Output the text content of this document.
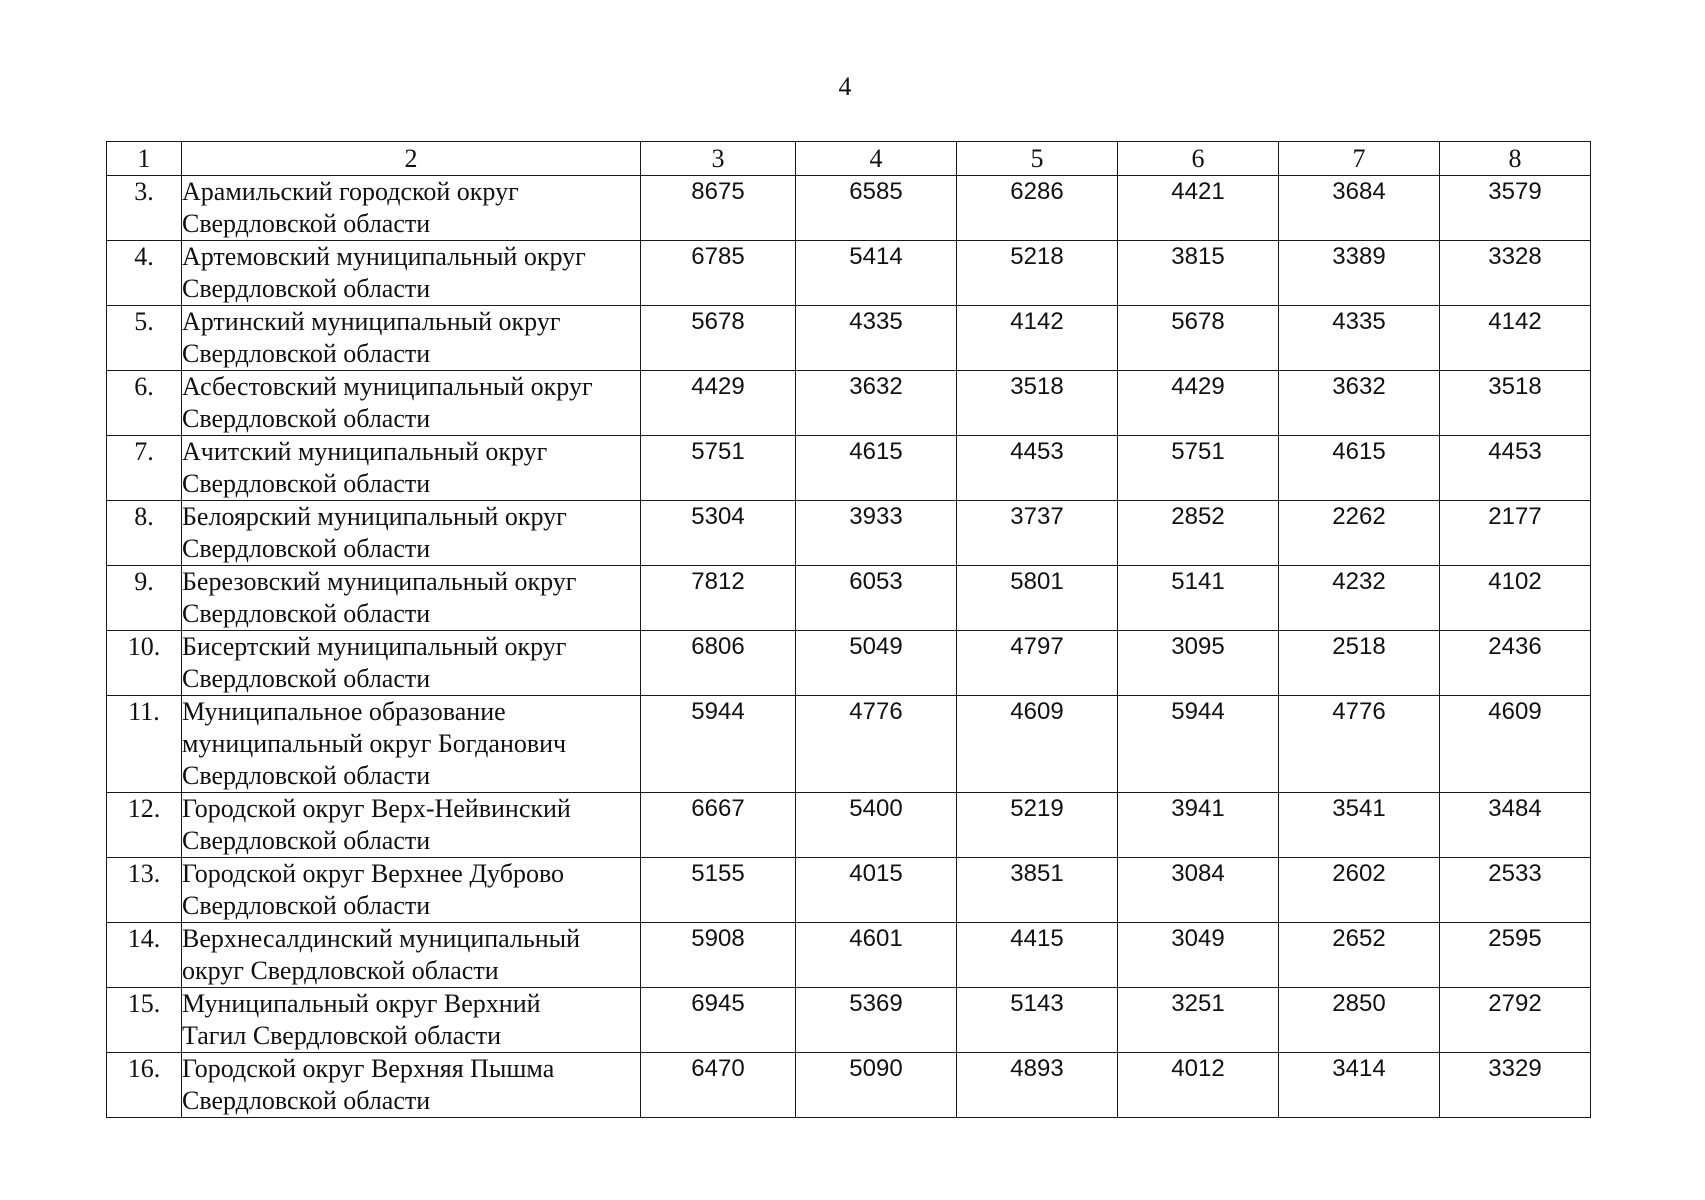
4
1	2	3	4	5	6	7	8
3.	Арамильский городской округ
Свердловской области	8675	6585	6286	4421	3684	3579
4.	Артемовский муниципальный округ
Свердловской области	6785	5414	5218	3815	3389	3328
5.	Артинский муниципальный округ
Свердловской области	5678	4335	4142	5678	4335	4142
6.	Асбестовский муниципальный округ
Свердловской области	4429	3632	3518	4429	3632	3518
7.	Ачитский муниципальный округ
Свердловской области	5751	4615	4453	5751	4615	4453
8.	Белоярский муниципальный округ
Свердловской области	5304	3933	3737	2852	2262	2177
9.	Березовский муниципальный округ
Свердловской области	7812	6053	5801	5141	4232	4102
10.	Бисертский муниципальный округ
Свердловской области	6806	5049	4797	3095	2518	2436
11.	Муниципальное образование
муниципальный округ Богданович
Свердловской области	5944	4776	4609	5944	4776	4609
12.	Городской округ Верх-Нейвинский
Свердловской области	6667	5400	5219	3941	3541	3484
13.	Городской округ Верхнее Дуброво
Свердловской области	5155	4015	3851	3084	2602	2533
14.	Верхнесалдинский муниципальный
округ Свердловской области	5908	4601	4415	3049	2652	2595
15.	Муниципальный округ Верхний
Тагил Свердловской области	6945	5369	5143	3251	2850	2792
16.	Городской округ Верхняя Пышма
Свердловской области	6470	5090	4893	4012	3414	3329
